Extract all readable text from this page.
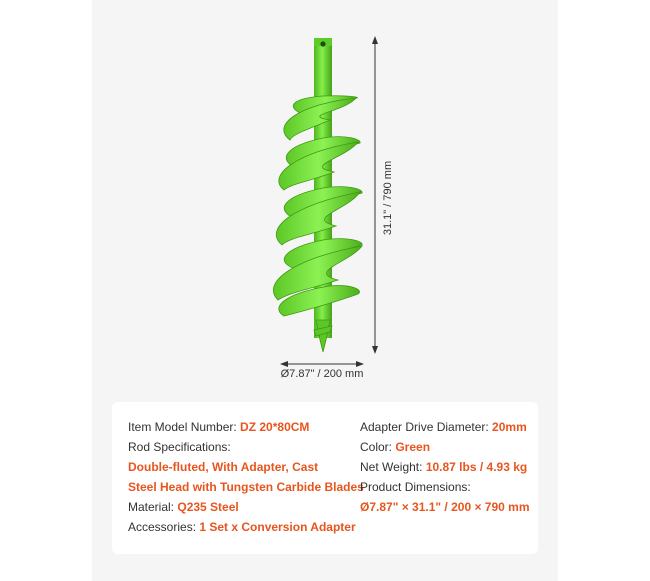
Ø7.87" / 200 mm
31.1" / 790 mm
Item Model Number: DZ 20*80CM
Rod Specifications:
Double-fluted, With Adapter, Cast
Steel Head with Tungsten Carbide Blades
Material: Q235 Steel
Accessories: 1 Set x Conversion Adapter
Adapter Drive Diameter: 20mm
Color: Green
Net Weight: 10.87 lbs / 4.93 kg
Product Dimensions:
Ø7.87" × 31.1" / 200 × 790 mm
